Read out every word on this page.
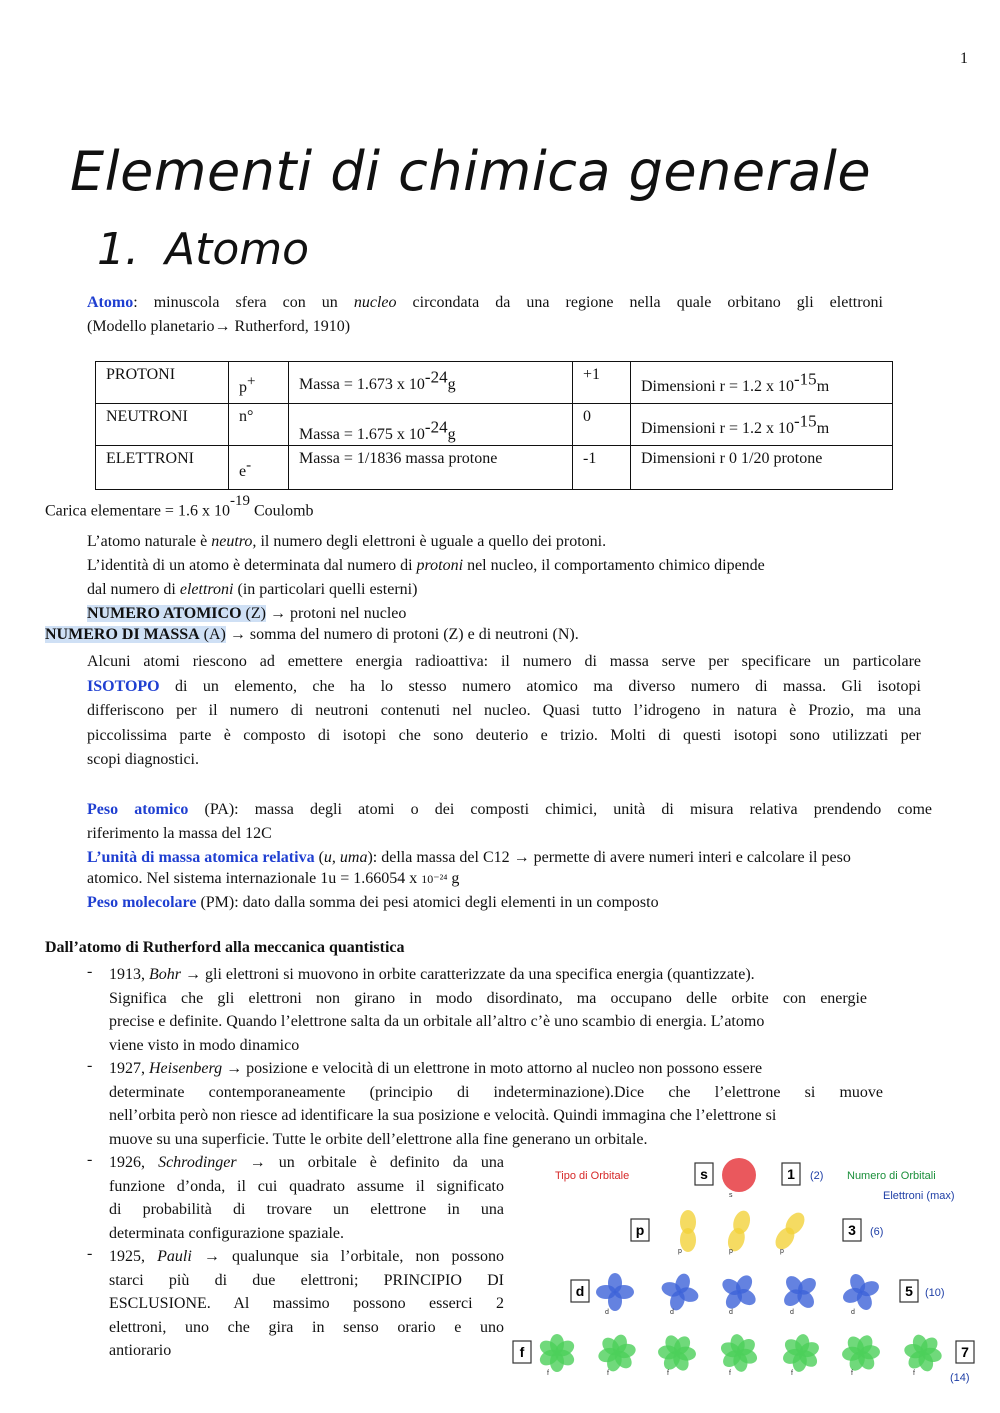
1
Elementi di chimica generale
1. Atomo

Atomo: minuscola sfera con un nucleo circondata da una regione nella quale orbitano gli elettroni

(Modello planetario→ Rutherford, 1910)

PROTONI	p+	Massa = 1.673 x $10^{-24}g$	+1	Dimensioni r = 1.2 x $10^{-15}m$
NEUTRONI	n°	Massa = 1.675 x $10^{-24}g$	0	Dimensioni r = 1.2 x $10^{-15}m$
ELETTRONI	e-	Massa = 1/1836 massa protone	-1	Dimensioni r 0 1/20 protone
Carica elementare = 1.6 x $10^{-19}$ Coulomb

L’atomo naturale è neutro, il numero degli elettroni è uguale a quello dei protoni.

L’identità di un atomo è determinata dal numero di protoni nel nucleo, il comportamento chimico dipende

dal numero di elettroni (in particolari quelli esterni)

NUMERO ATOMICO (Z) → protoni nel nucleo

NUMERO DI MASSA (A) → somma del numero di protoni (Z) e di neutroni (N).

Alcuni atomi riescono ad emettere energia radioattiva: il numero di massa serve per specificare un particolare

ISOTOPO di un elemento, che ha lo stesso numero atomico ma diverso numero di massa. Gli isotopi

differiscono per il numero di neutroni contenuti nel nucleo. Quasi tutto l’idrogeno in natura è Prozio, ma una

piccolissima parte è composto di isotopi che sono deuterio e trizio. Molti di questi isotopi sono utilizzati per

scopi diagnostici.

Peso atomico (PA): massa degli atomi o dei composti chimici, unità di misura relativa prendendo come

riferimento la massa del 12C

L’unità di massa atomica relativa (u, uma): della massa del C12 → permette di avere numeri interi e calcolare il peso

atomico. Nel sistema internazionale 1u = 1.66054 x 10⁻²⁴ g

Peso molecolare (PM): dato dalla somma dei pesi atomici degli elementi in un composto

Dall’atomo di Rutherford alla meccanica quantistica
- 1913, Bohr → gli elettroni si muovono in orbite caratterizzate da una specifica energia (quantizzate).

Significa che gli elettroni non girano in modo disordinato, ma occupano delle orbite con energie

precise e definite. Quando l’elettrone salta da un orbitale all’altro c’è uno scambio di energia. L’atomo

viene visto in modo dinamico

- 1927, Heisenberg → posizione e velocità di un elettrone in moto attorno al nucleo non possono essere

determinate contemporaneamente (principio di indeterminazione).Dice che l’elettrone si muove

nell’orbita però non riesce ad identificare la sua posizione e velocità. Quindi immagina che l’elettrone si

muove su una superficie. Tutte le orbite dell’elettrone alla fine generano un orbitale.

- 1926, Schrodinger → un orbitale è definito da una

funzione d’onda, il cui quadrato assume il significato

di probabilità di trovare un elettrone in una

determinata configurazione spaziale.

- 1925, Pauli → qualunque sia l’orbitale, non possono

starci più di due elettroni; PRINCIPIO DI

ESCLUSIONE. Al massimo possono esserci 2

elettroni, uno che gira in senso orario e uno

antiorario

Tipo di Orbitale	Numero di Orbitali
Elettroni (max)
s
s
1 (2)
p
p	p	p
3 (6)
d
d	d	d	d	d
5 (10)
f
f	f	f	f	f	f	f
7
(14)
